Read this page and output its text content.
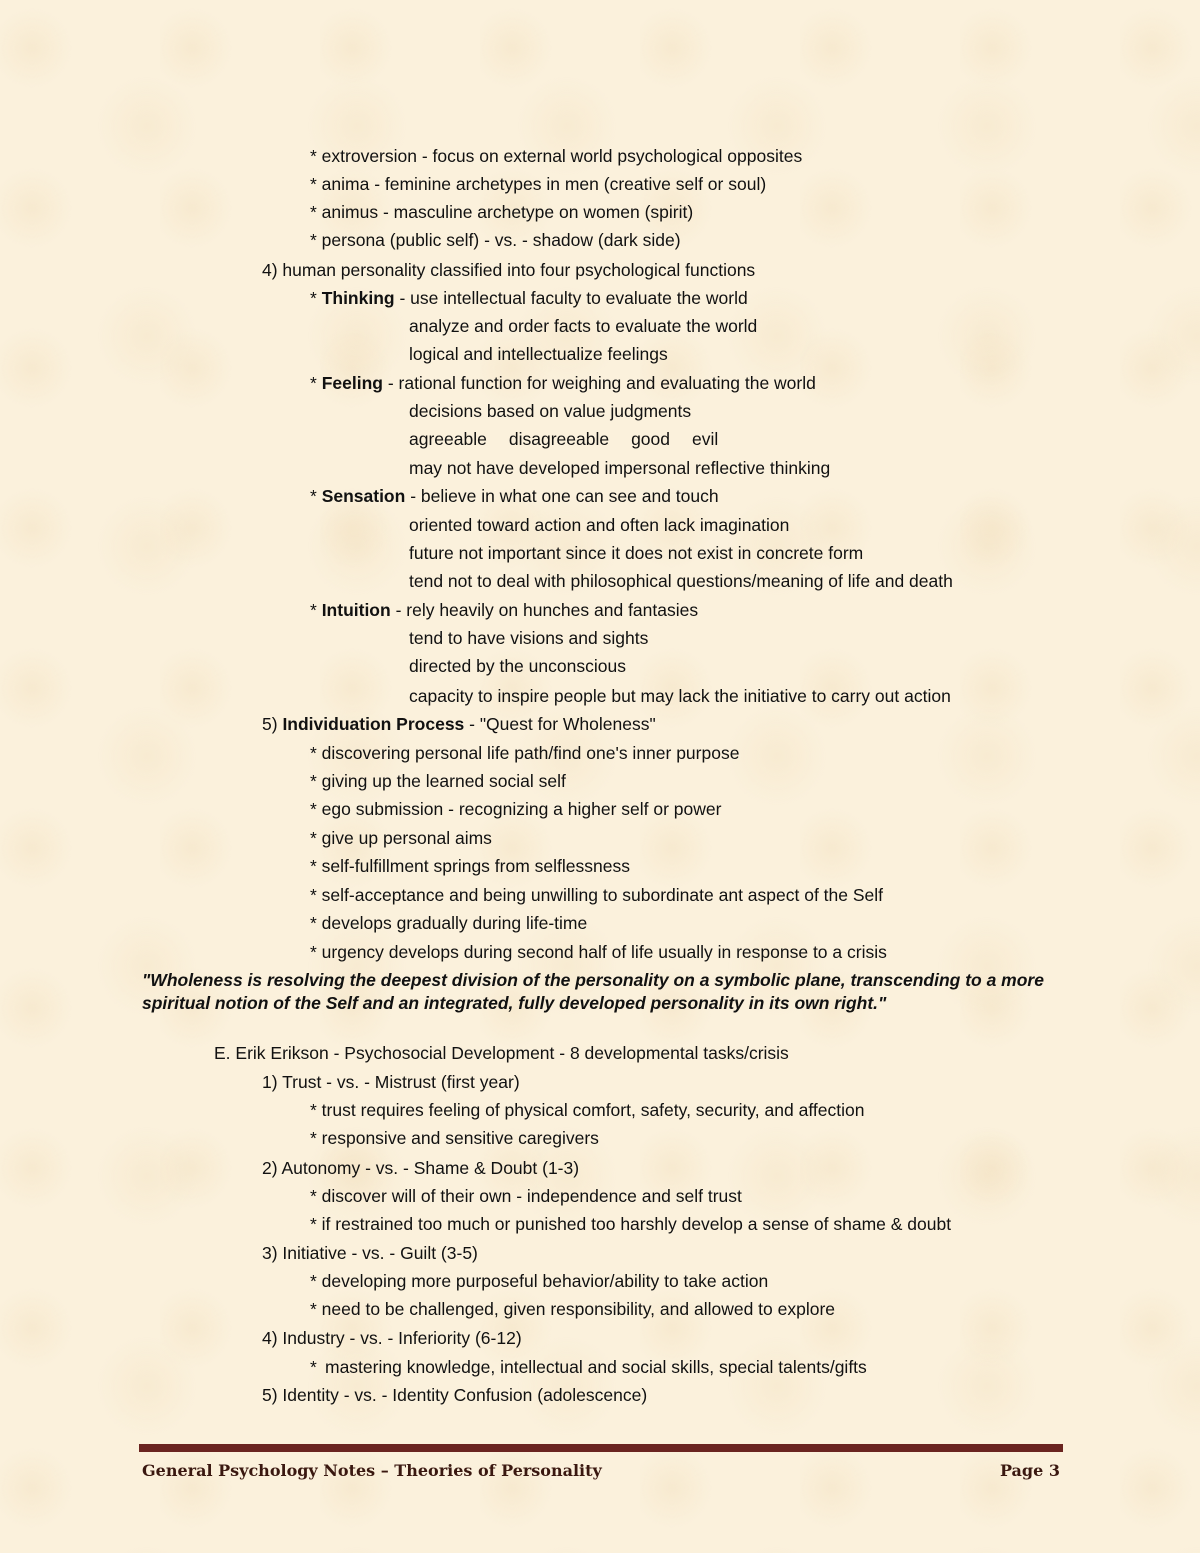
* extroversion - focus on external world psychological opposites
* anima - feminine archetypes in men (creative self or soul)
* animus - masculine archetype on women (spirit)
* persona (public self) - vs. - shadow (dark side)
4) human personality classified into four psychological functions
* Thinking - use intellectual faculty to evaluate the world
analyze and order facts to evaluate the world
logical and intellectualize feelings
* Feeling - rational function for weighing and evaluating the world
decisions based on value judgments
agreeable disagreeable good evil
may not have developed impersonal reflective thinking
* Sensation - believe in what one can see and touch
oriented toward action and often lack imagination
future not important since it does not exist in concrete form
tend not to deal with philosophical questions/meaning of life and death
* Intuition - rely heavily on hunches and fantasies
tend to have visions and sights
directed by the unconscious
capacity to inspire people but may lack the initiative to carry out action
5) Individuation Process - "Quest for Wholeness"
* discovering personal life path/find one's inner purpose
* giving up the learned social self
* ego submission - recognizing a higher self or power
* give up personal aims
* self-fulfillment springs from selflessness
* self-acceptance and being unwilling to subordinate ant aspect of the Self
* develops gradually during life-time
* urgency develops during second half of life usually in response to a crisis
"Wholeness is resolving the deepest division of the personality on a symbolic plane, transcending to a more spiritual notion of the Self and an integrated, fully developed personality in its own right."
E. Erik Erikson - Psychosocial Development - 8 developmental tasks/crisis
1) Trust - vs. - Mistrust (first year)
* trust requires feeling of physical comfort, safety, security, and affection
* responsive and sensitive caregivers
2) Autonomy - vs. - Shame & Doubt (1-3)
* discover will of their own - independence and self trust
* if restrained too much or punished too harshly develop a sense of shame & doubt
3) Initiative - vs. - Guilt (3-5)
* developing more purposeful behavior/ability to take action
* need to be challenged, given responsibility, and allowed to explore
4) Industry - vs. - Inferiority (6-12)
* mastering knowledge, intellectual and social skills, special talents/gifts
5) Identity - vs. - Identity Confusion (adolescence)
General Psychology Notes – Theories of Personality	Page 3
